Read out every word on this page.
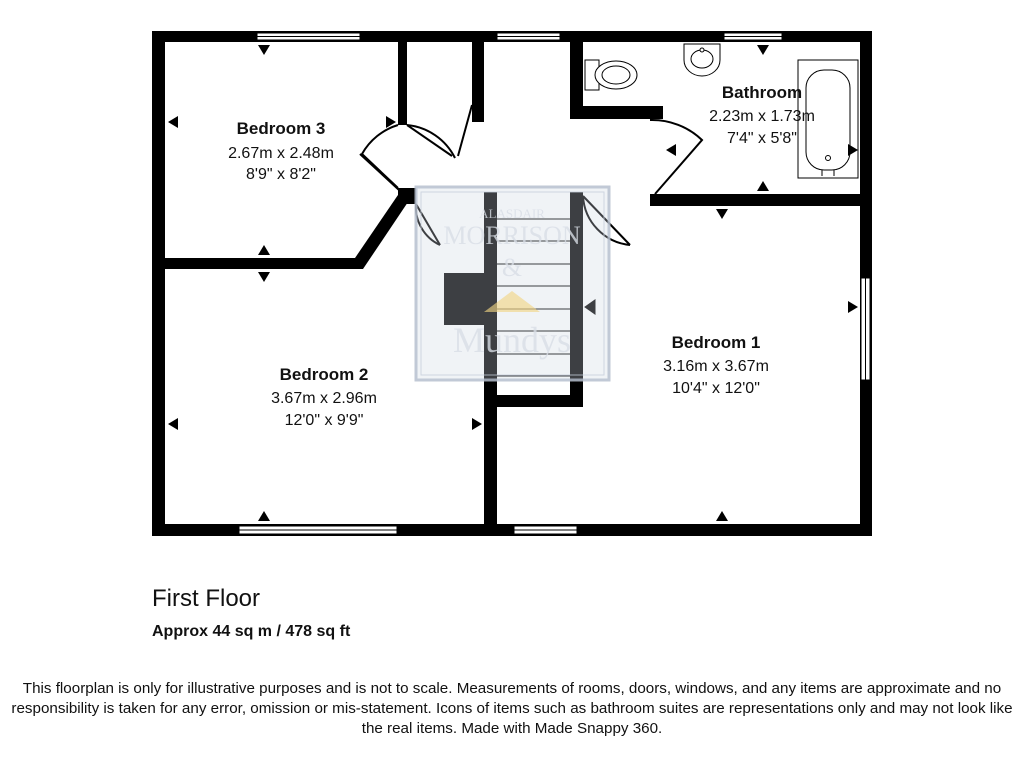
ALASDAIR
MORRISON
&
Mundys
Bedroom 3
2.67m x 2.48m
8'9" x 8'2"
Bathroom
2.23m x 1.73m
7'4" x 5'8"
Bedroom 2
3.67m x 2.96m
12'0" x 9'9"
Bedroom 1
3.16m x 3.67m
10'4" x 12'0"
First Floor
Approx 44 sq m / 478 sq ft
This floorplan is only for illustrative purposes and is not to scale. Measurements of rooms, doors, windows, and any items are approximate and no responsibility is taken for any error, omission or mis-statement. Icons of items such as bathroom suites are representations only and may not look like the real items. Made with Made Snappy 360.
